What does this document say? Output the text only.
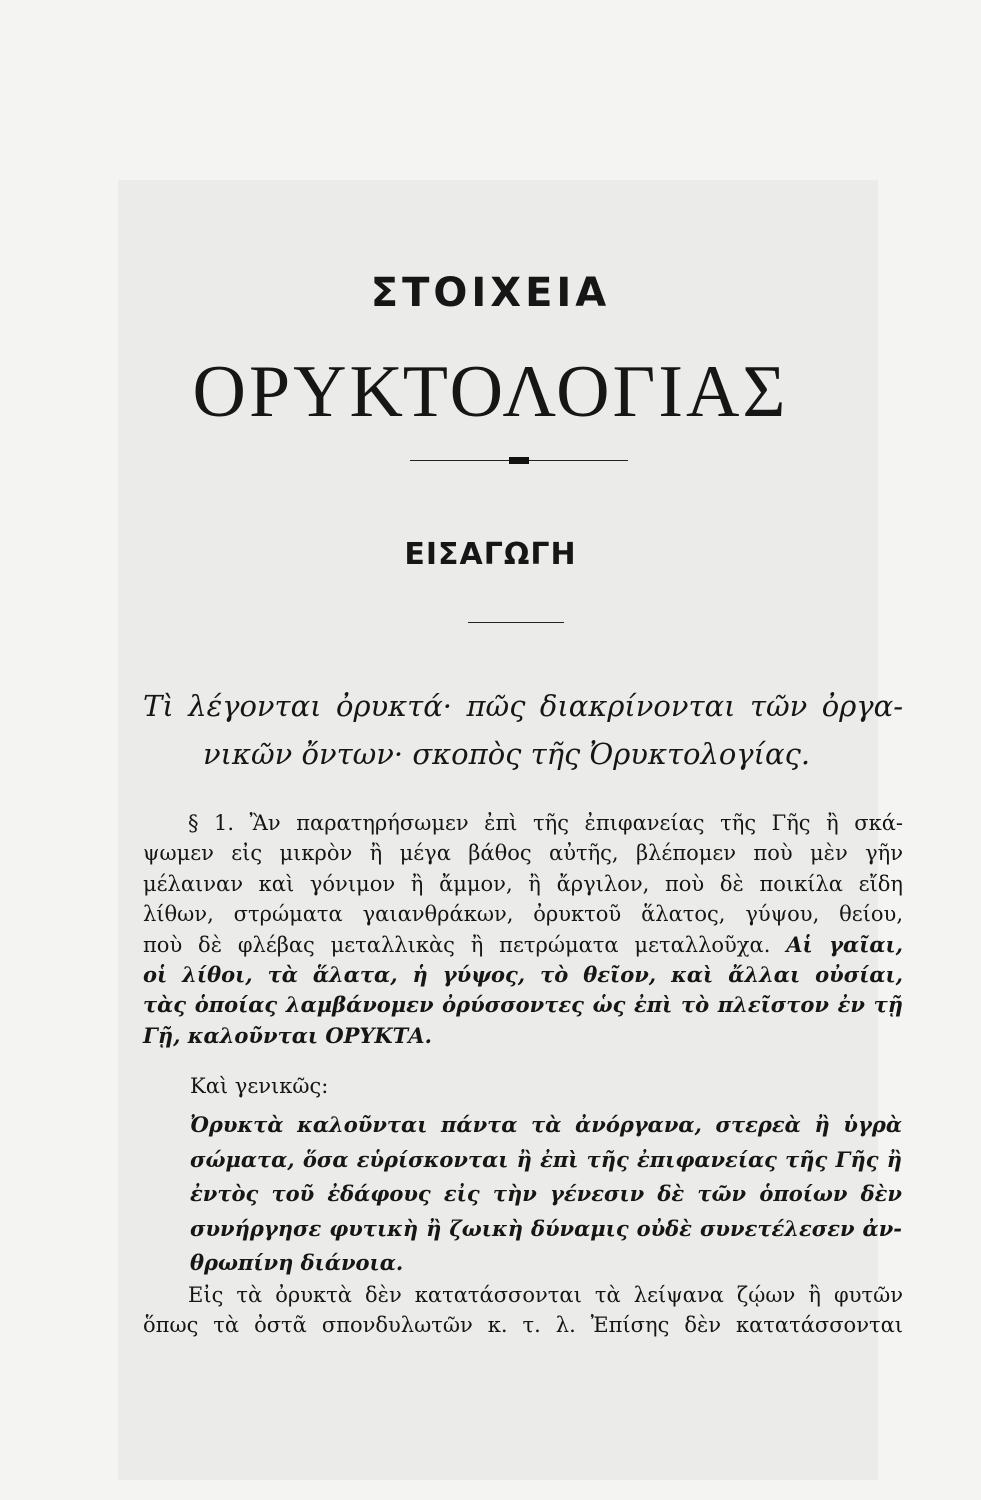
ΣΤΟΙΧΕΙΑ
ΟΡΥΚΤΟΛΟΓΙΑΣ
ΕΙΣΑΓΩΓΗ
Τὶ λέγονται ὀρυκτά· πῶς διακρίνονται τῶν ὀργα-
νικῶν ὄντων· σκοπὸς τῆς Ὀρυκτολογίας.
§ 1. Ἂν παρατηρήσωμεν ἐπὶ τῆς ἐπιφανείας τῆς Γῆς ἢ σκά-
ψωμεν εἰς μικρὸν ἢ μέγα βάθος αὐτῆς, βλέπομεν ποὺ μὲν γῆν
μέλαιναν καὶ γόνιμον ἢ ἄμμον, ἢ ἄργιλον, ποὺ δὲ ποικίλα εἴδη
λίθων, στρώματα γαιανθράκων, ὀρυκτοῦ ἅλατος, γύψου, θείου,
ποὺ δὲ φλέβας μεταλλικὰς ἢ πετρώματα μεταλλοῦχα. Αἱ γαῖαι,
οἱ λίθοι, τὰ ἅλατα, ἡ γύψος, τὸ θεῖον, καὶ ἄλλαι οὐσίαι,
τὰς ὁποίας λαμβάνομεν ὀρύσσοντες ὡς ἐπὶ τὸ πλεῖστον ἐν τῇ
Γῇ, καλοῦνται ΟΡΥΚΤΑ.
Καὶ γενικῶς:
Ὀρυκτὰ καλοῦνται πάντα τὰ ἀνόργανα, στερεὰ ἢ ὑγρὰ
σώματα, ὅσα εὑρίσκονται ἢ ἐπὶ τῆς ἐπιφανείας τῆς Γῆς ἢ
ἐντὸς τοῦ ἐδάφους εἰς τὴν γένεσιν δὲ τῶν ὁποίων δὲν
συνήργησε φυτικὴ ἢ ζωικὴ δύναμις οὐδὲ συνετέλεσεν ἀν-
θρωπίνη διάνοια.
Εἰς τὰ ὀρυκτὰ δὲν κατατάσσονται τὰ λείψανα ζῴων ἢ φυτῶν
ὅπως τὰ ὀστᾶ σπονδυλωτῶν κ. τ. λ. Ἐπίσης δὲν κατατάσσονται
